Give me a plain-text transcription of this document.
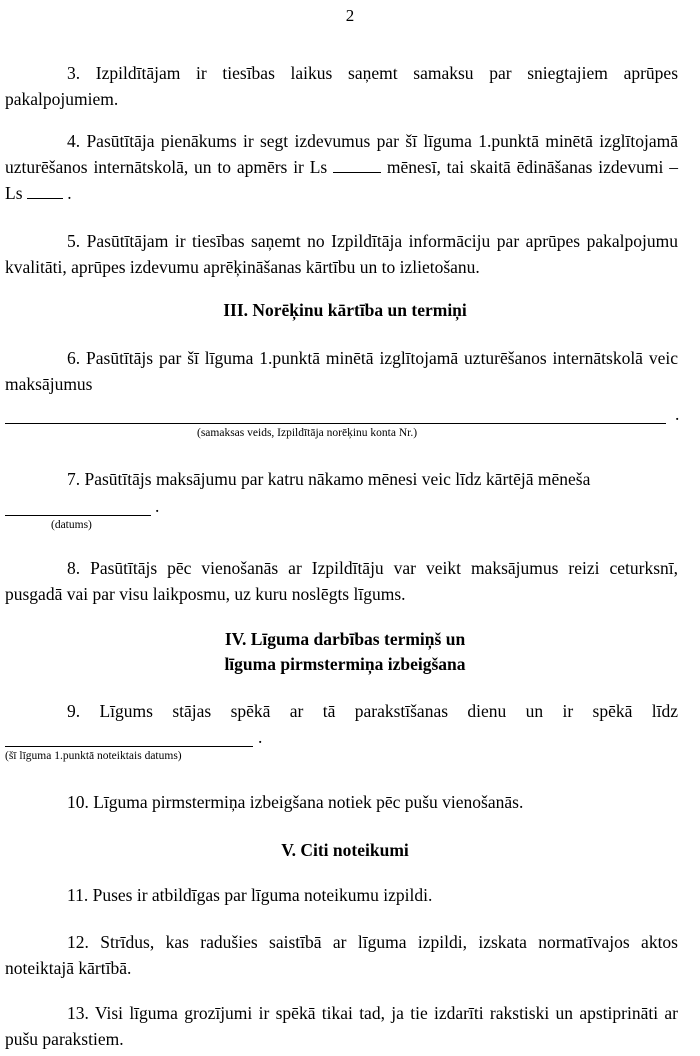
2
3. Izpildītājam ir tiesības laikus saņemt samaksu par sniegtajiem aprūpes pakalpojumiem.
4. Pasūtītāja pienākums ir segt izdevumus par šī līguma 1.punktā minētā izglītojamā uzturēšanos internātskolā, un to apmērs ir Ls	mēnesī, tai skaitā ēdināšanas izdevumi – Ls  .
5. Pasūtītājam ir tiesības saņemt no Izpildītāja informāciju par aprūpes pakalpojumu kvalitāti, aprūpes izdevumu aprēķināšanas kārtību un to izlietošanu.
III. Norēķinu kārtība un termiņi
6. Pasūtītājs par šī līguma 1.punktā minētā izglītojamā uzturēšanos internātskolā veic maksājumus
.
(samaksas veids, Izpildītāja norēķinu konta Nr.)
7. Pasūtītājs maksājumu par katru nākamo mēnesi veic līdz kārtējā mēneša
.
(datums)
8. Pasūtītājs pēc vienošanās ar Izpildītāju var veikt maksājumus reizi ceturksnī, pusgadā vai par visu laikposmu, uz kuru noslēgts līgums.
IV. Līguma darbības termiņš un
līguma pirmstermiņa izbeigšana
9. Līgums stājas spēkā ar tā parakstīšanas dienu un ir spēkā līdz
.
(šī līguma 1.punktā noteiktais datums)
10. Līguma pirmstermiņa izbeigšana notiek pēc pušu vienošanās.
V. Citi noteikumi
11. Puses ir atbildīgas par līguma noteikumu izpildi.
12. Strīdus, kas radušies saistībā ar līguma izpildi, izskata normatīvajos aktos noteiktajā kārtībā.
13. Visi līguma grozījumi ir spēkā tikai tad, ja tie izdarīti rakstiski un apstiprināti ar pušu parakstiem.
